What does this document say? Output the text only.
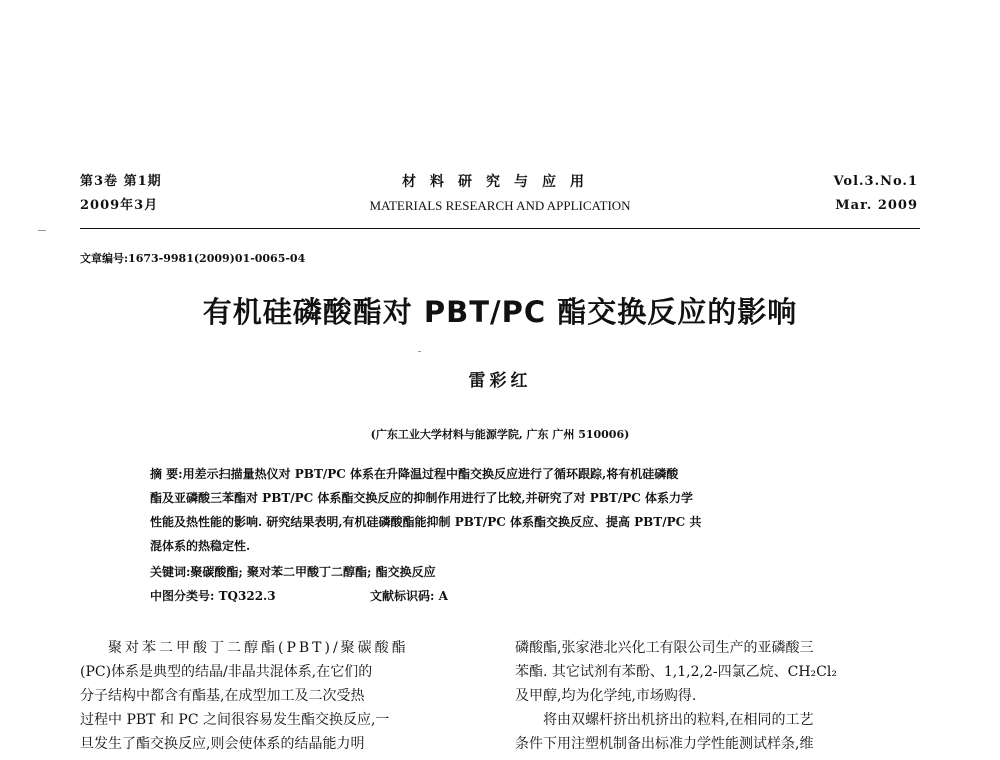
第3卷 第1期
2009年3月
材料研究与应用
MATERIALS RESEARCH AND APPLICATION
Vol.3.No.1
Mar. 2009
文章编号:1673-9981(2009)01-0065-04
有机硅磷酸酯对 PBT/PC 酯交换反应的影响
雷彩红
(广东工业大学材料与能源学院, 广东 广州 510006)

摘 要:用差示扫描量热仪对 PBT/PC 体系在升降温过程中酯交换反应进行了循环跟踪,将有机硅磷酸

酯及亚磷酸三苯酯对 PBT/PC 体系酯交换反应的抑制作用进行了比较,并研究了对 PBT/PC 体系力学

性能及热性能的影响. 研究结果表明,有机硅磷酸酯能抑制 PBT/PC 体系酯交换反应、提高 PBT/PC 共

混体系的热稳定性.

关键词:聚碳酸酯; 聚对苯二甲酸丁二醇酯; 酯交换反应
中图分类号: TQ322.3	文献标识码: A
聚对苯二甲酸丁二醇酯(PBT)/聚碳酸酯
(PC)体系是典型的结晶/非晶共混体系,在它们的
分子结构中都含有酯基,在成型加工及二次受热
过程中 PBT 和 PC 之间很容易发生酯交换反应,一
旦发生了酯交换反应,则会使体系的结晶能力明
磷酸酯,张家港北兴化工有限公司生产的亚磷酸三
苯酯. 其它试剂有苯酚、1,1,2,2-四氯乙烷、CH₂Cl₂
及甲醇,均为化学纯,市场购得.
将由双螺杆挤出机挤出的粒料,在相同的工艺
条件下用注塑机制备出标准力学性能测试样条,维
